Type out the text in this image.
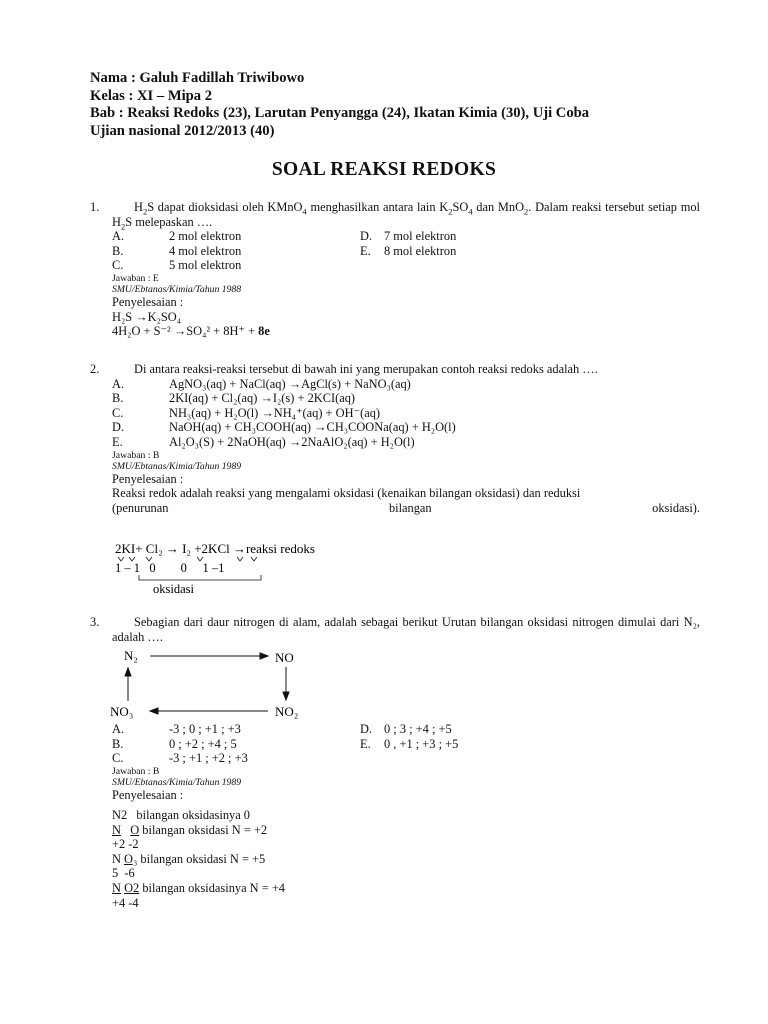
Nama : Galuh Fadillah Triwibowo
Kelas : XI – Mipa 2
Bab : Reaksi Redoks (23), Larutan Penyangga (24), Ikatan Kimia (30), Uji Coba
Ujian nasional 2012/2013 (40)
SOAL REAKSI REDOKS
1.	$H_2S$ dapat dioksidasi oleh KMnO$_4$ menghasilkan antara lain $K_2SO_4$ dan MnO$_2$. Dalam reaksi tersebut setiap mol $H_2S$ melepaskan ….
A.	2 mol elektron	D. 7 mol elektron
B.	4 mol elektron	E. 8 mol elektron
C.	5 mol elektron
Jawaban : E
SMU/Ebtanas/Kimia/Tahun 1988
Penyelesaian :
H₂S →K₂SO₄
4H₂O + S⁻² →SO₄² + 8H⁺ + 8e
2.	Di antara reaksi-reaksi tersebut di bawah ini yang merupakan contoh reaksi redoks adalah ….
A.	AgNO₃(aq) + NaCl(aq) →AgCl(s) + NaNO₃(aq)
B.	2KI(aq) + Cl₂(aq) →I₂(s) + 2KCI(aq)
C.	NH₃(aq) + H₂O(l) →NH₄⁺(aq) + OH⁻(aq)
D.	NaOH(aq) + CH₃COOH(aq) →CH₃COONa(aq) + H₂O(l)
E.	Al₂O₃(S) + 2NaOH(aq) →2NaAlO₂(aq) + H₂O(l)
Jawaban : B
SMU/Ebtanas/Kimia/Tahun 1989
Penyelesaian :
Reaksi redok adalah reaksi yang mengalami oksidasi (kenaikan bilangan oksidasi) dan reduksi
(penurunan bilangan oksidasi).
2KI+ Cl₂ → I₂ +2KCl →reaksi redoks
1 – 1   0        0     1 –1
oksidasi
3.	Sebagian dari daur nitrogen di alam, adalah sebagai berikut Urutan bilangan oksidasi nitrogen dimulai dari N₂, adalah ….
N₂	NO
NO₂
NO₃
A.	-3 ; 0 ; +1 ; +3	D. 0 ; 3 ; +4 ; +5
B.	0 ; +2 ; +4 ; 5	E. 0 , +1 ; +3 ; +5
C.	-3 ; +1 ; +2 ; +3
Jawaban : B
SMU/Ebtanas/Kimia/Tahun 1989
Penyelesaian :
N2   bilangan oksidasinya 0
N O bilangan oksidasi N = +2
+2 -2
N O₃ bilangan oksidasi N = +5
5  -6
N O2 bilangan oksidasinya N = +4
+4 -4
